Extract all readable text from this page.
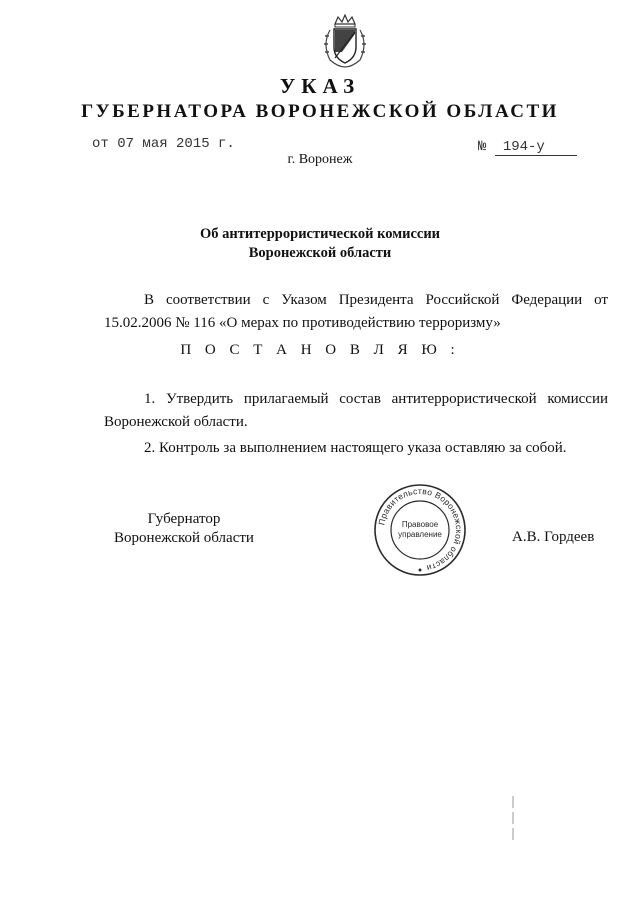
УКАЗ
ГУБЕРНАТОРА ВОРОНЕЖСКОЙ ОБЛАСТИ
от 07 мая 2015 г.	№ 194-у
г. Воронеж
Об антитеррористической комиссии
Воронежской области
В соответствии с Указом Президента Российской Федерации от 15.02.2006 № 116 «О мерах по противодействию терроризму»
П О С Т А Н О В Л Я Ю :
1. Утвердить прилагаемый состав антитеррористической комиссии Воронежской области.
2. Контроль за выполнением настоящего указа оставляю за собой.
Губернатор
Воронежской области
Правительство Воронежской области
Правовое
управление	А.В. Гордеев
